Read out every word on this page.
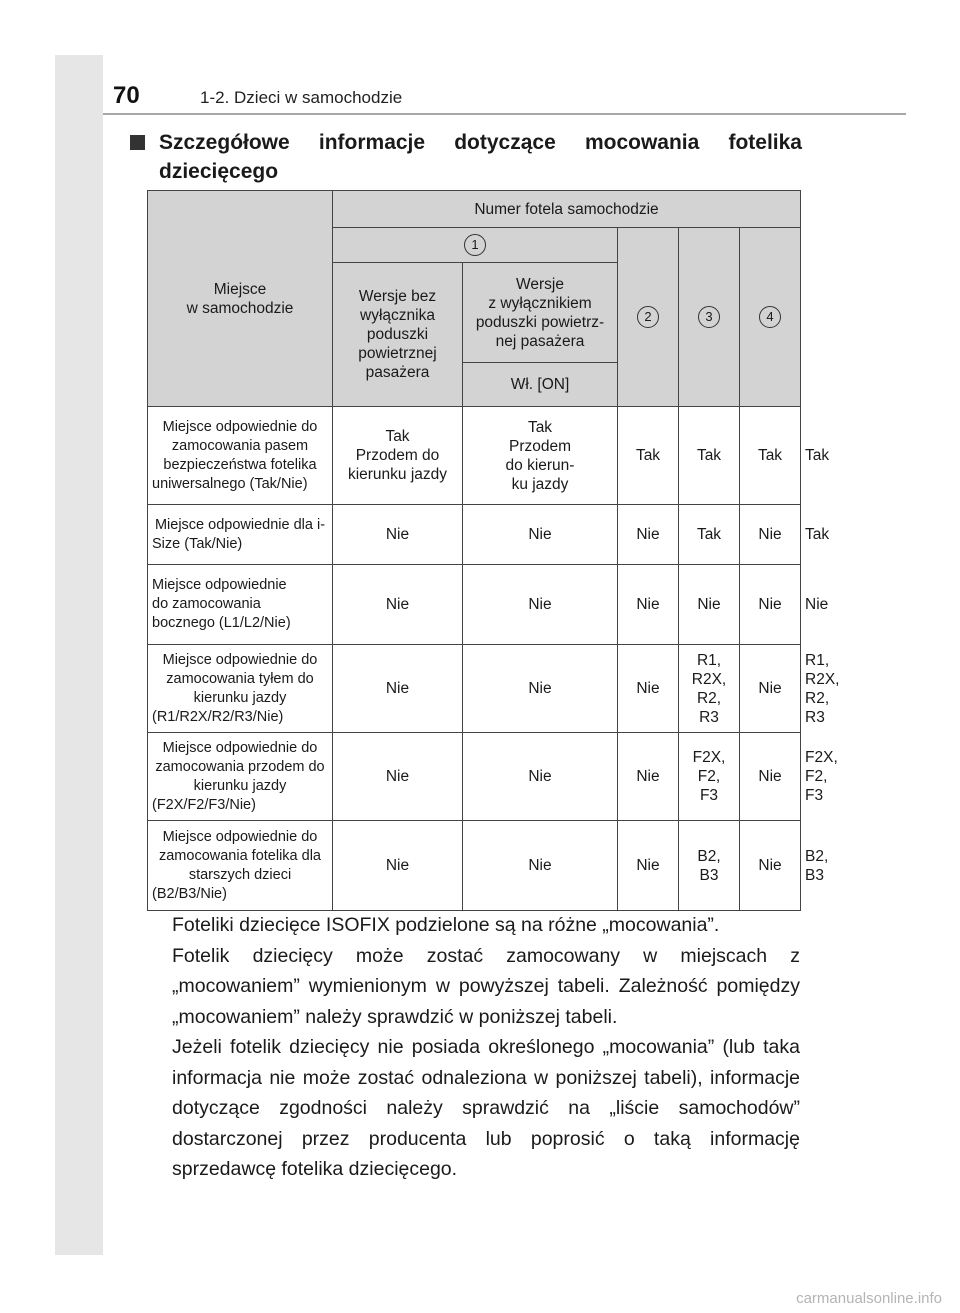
70	1-2. Dzieci w samochodzie
Szczegółowe informacje dotyczące mocowania fotelika dziecięcego
Miejsce
w samochodzie	Numer fotela samochodzie					
	1		2	3	4	
	Wersje bez
wyłącznika
poduszki
powietrznej
pasażera	Wersje
z wyłącznikiem
poduszki powietrz-
nej pasażera				
		Wł. [ON]				
Miejsce odpowiednie do zamocowania pasem bezpieczeństwa fotelika uniwersalnego (Tak/Nie)	Tak
Przodem do
kierunku jazdy	Tak
Przodem
do kierun-
ku jazdy	Tak	Tak	Tak	Tak
Miejsce odpowiednie dla i-Size (Tak/Nie)	Nie	Nie	Nie	Tak	Nie	Tak
Miejsce odpowiednie
do zamocowania
bocznego (L1/L2/Nie)	Nie	Nie	Nie	Nie	Nie	Nie
Miejsce odpowiednie do zamocowania tyłem do kierunku jazdy (R1/R2X/R2/R3/Nie)	Nie	Nie	Nie	R1,
R2X,
R2,
R3	Nie	R1,
R2X,
R2,
R3
Miejsce odpowiednie do zamocowania przodem do kierunku jazdy (F2X/F2/F3/Nie)	Nie	Nie	Nie	F2X,
F2,
F3	Nie	F2X,
F2,
F3
Miejsce odpowiednie do zamocowania fotelika dla starszych dzieci (B2/B3/Nie)	Nie	Nie	Nie	B2,
B3	Nie	B2,
B3

Foteliki dziecięce ISOFIX podzielone są na różne „mocowania”.

Fotelik dziecięcy może zostać zamocowany w miejscach z „mocowaniem” wymienionym w powyższej tabeli. Zależność pomiędzy „mocowaniem” należy sprawdzić w poniższej tabeli.

Jeżeli fotelik dziecięcy nie posiada określonego „mocowania” (lub taka informacja nie może zostać odnaleziona w poniższej tabeli), informacje dotyczące zgodności należy sprawdzić na „liście samochodów” dostarczonej przez producenta lub poprosić o taką informację sprzedawcę fotelika dziecięcego.

carmanualsonline.info
